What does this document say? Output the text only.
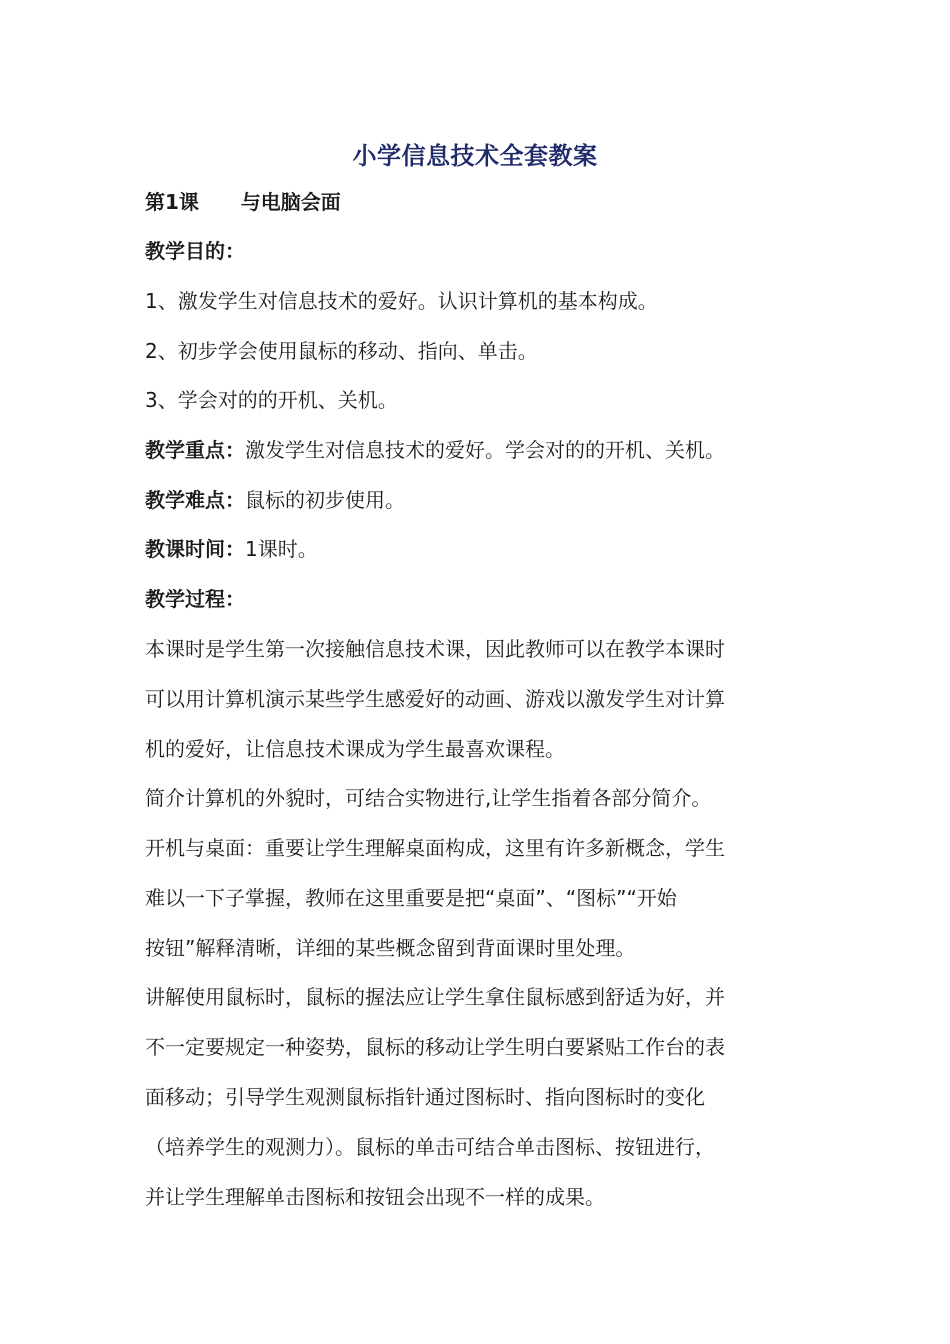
小学信息技术全套教案

第1课 与电脑会面

教学目的：

1、激发学生对信息技术的爱好。认识计算机的基本构成。

2、初步学会使用鼠标的移动、指向、单击。

3、学会对的的开机、关机。

教学重点：激发学生对信息技术的爱好。学会对的的开机、关机。

教学难点：鼠标的初步使用。

教课时间：1课时。

教学过程：

本课时是学生第一次接触信息技术课，因此教师可以在教学本课时
可以用计算机演示某些学生感爱好的动画、游戏以激发学生对计算
机的爱好，让信息技术课成为学生最喜欢课程。
简介计算机的外貌时，可结合实物进行,让学生指着各部分简介。
开机与桌面：重要让学生理解桌面构成，这里有许多新概念，学生
难以一下子掌握，教师在这里重要是把“桌面”、“图标”“开始
按钮”解释清晰，详细的某些概念留到背面课时里处理。
讲解使用鼠标时，鼠标的握法应让学生拿住鼠标感到舒适为好，并
不一定要规定一种姿势，鼠标的移动让学生明白要紧贴工作台的表
面移动；引导学生观测鼠标指针通过图标时、指向图标时的变化
（培养学生的观测力）。鼠标的单击可结合单击图标、按钮进行，
并让学生理解单击图标和按钮会出现不一样的成果。
